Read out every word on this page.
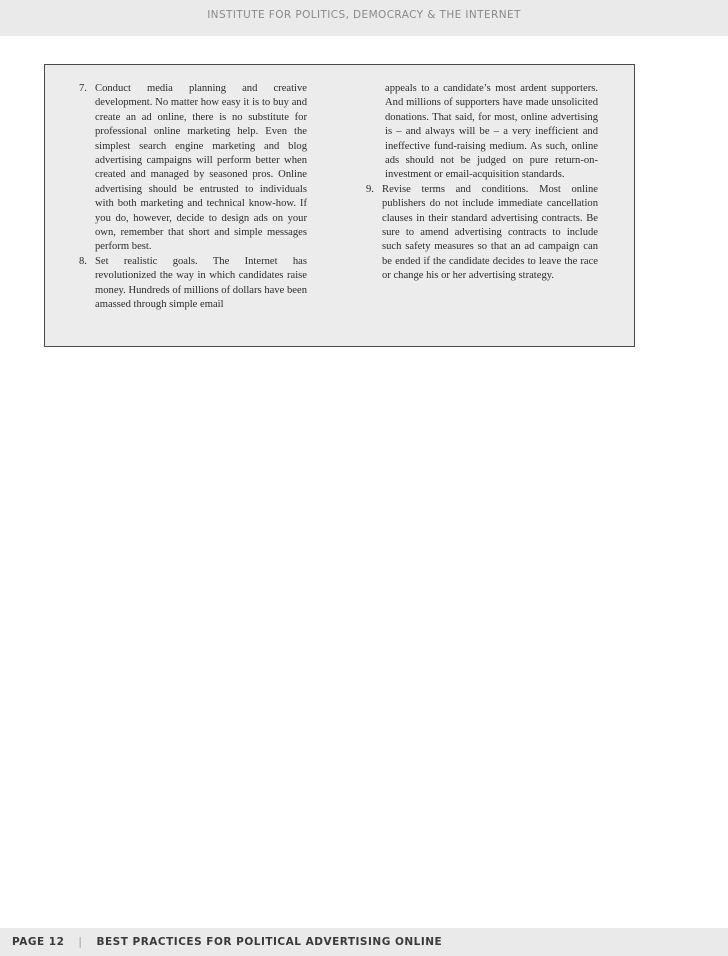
INSTITUTE FOR POLITICS, DEMOCRACY & THE INTERNET
7. Conduct media planning and creative development. No matter how easy it is to buy and create an ad online, there is no substitute for professional online marketing help. Even the simplest search engine marketing and blog advertising campaigns will perform better when created and managed by seasoned pros. Online advertising should be entrusted to individuals with both marketing and technical know-how. If you do, however, decide to design ads on your own, remember that short and simple messages perform best.
8. Set realistic goals. The Internet has revolutionized the way in which candidates raise money. Hundreds of millions of dollars have been amassed through simple email
appeals to a candidate’s most ardent supporters. And millions of supporters have made unsolicited donations. That said, for most, online advertising is – and always will be – a very inefficient and ineffective fund-raising medium. As such, online ads should not be judged on pure return-on-investment or email-acquisition standards.
9. Revise terms and conditions. Most online publishers do not include immediate cancellation clauses in their standard advertising contracts. Be sure to amend advertising contracts to include such safety measures so that an ad campaign can be ended if the candidate decides to leave the race or change his or her advertising strategy.
PAGE 12 | BEST PRACTICES FOR POLITICAL ADVERTISING ONLINE
